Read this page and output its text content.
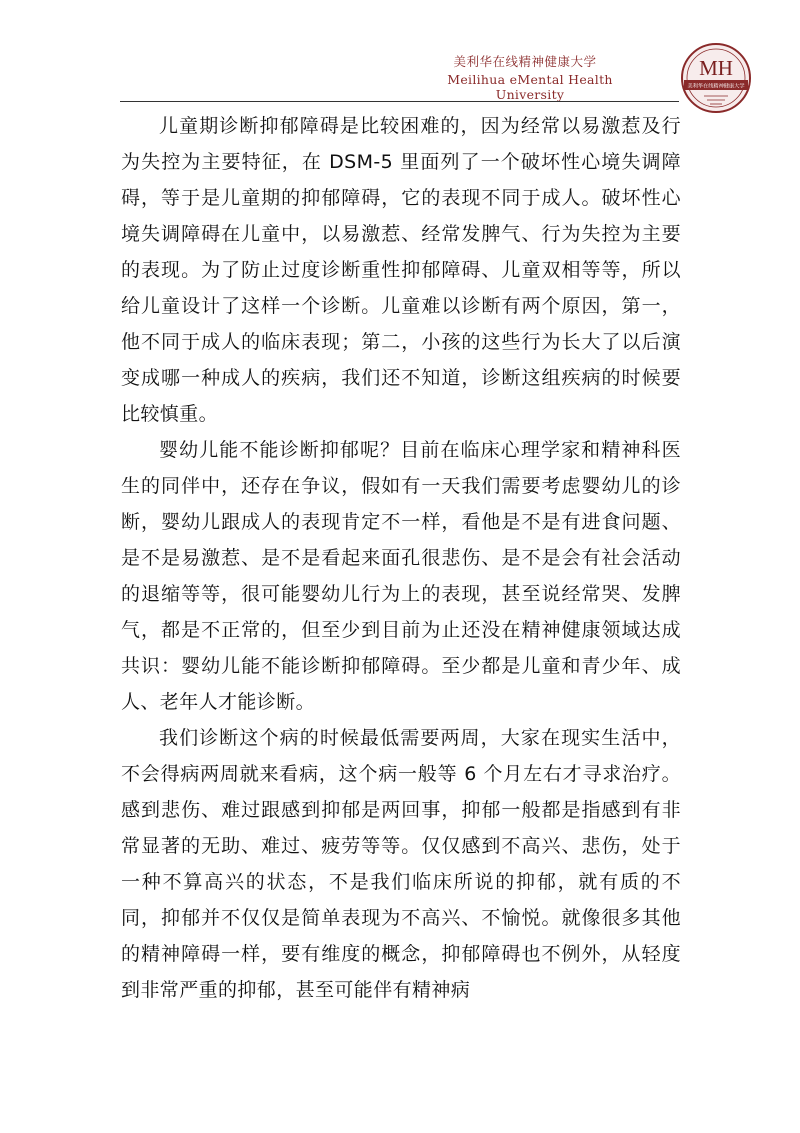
美利华在线精神健康大学
Meilihua eMental Health University
MH
美利华在线精神健康大学

儿童期诊断抑郁障碍是比较困难的，因为经常以易激惹及行为失控为主要特征，在 DSM-5 里面列了一个破坏性心境失调障碍，等于是儿童期的抑郁障碍，它的表现不同于成人。破坏性心境失调障碍在儿童中，以易激惹、经常发脾气、行为失控为主要的表现。为了防止过度诊断重性抑郁障碍、儿童双相等等，所以给儿童设计了这样一个诊断。儿童难以诊断有两个原因，第一，他不同于成人的临床表现；第二，小孩的这些行为长大了以后演变成哪一种成人的疾病，我们还不知道，诊断这组疾病的时候要比较慎重。

婴幼儿能不能诊断抑郁呢？目前在临床心理学家和精神科医生的同伴中，还存在争议，假如有一天我们需要考虑婴幼儿的诊断，婴幼儿跟成人的表现肯定不一样，看他是不是有进食问题、是不是易激惹、是不是看起来面孔很悲伤、是不是会有社会活动的退缩等等，很可能婴幼儿行为上的表现，甚至说经常哭、发脾气，都是不正常的，但至少到目前为止还没在精神健康领域达成共识：婴幼儿能不能诊断抑郁障碍。至少都是儿童和青少年、成人、老年人才能诊断。

我们诊断这个病的时候最低需要两周，大家在现实生活中，不会得病两周就来看病，这个病一般等 6 个月左右才寻求治疗。感到悲伤、难过跟感到抑郁是两回事，抑郁一般都是指感到有非常显著的无助、难过、疲劳等等。仅仅感到不高兴、悲伤，处于一种不算高兴的状态，不是我们临床所说的抑郁，就有质的不同，抑郁并不仅仅是简单表现为不高兴、不愉悦。就像很多其他的精神障碍一样，要有维度的概念，抑郁障碍也不例外，从轻度到非常严重的抑郁，甚至可能伴有精神病
